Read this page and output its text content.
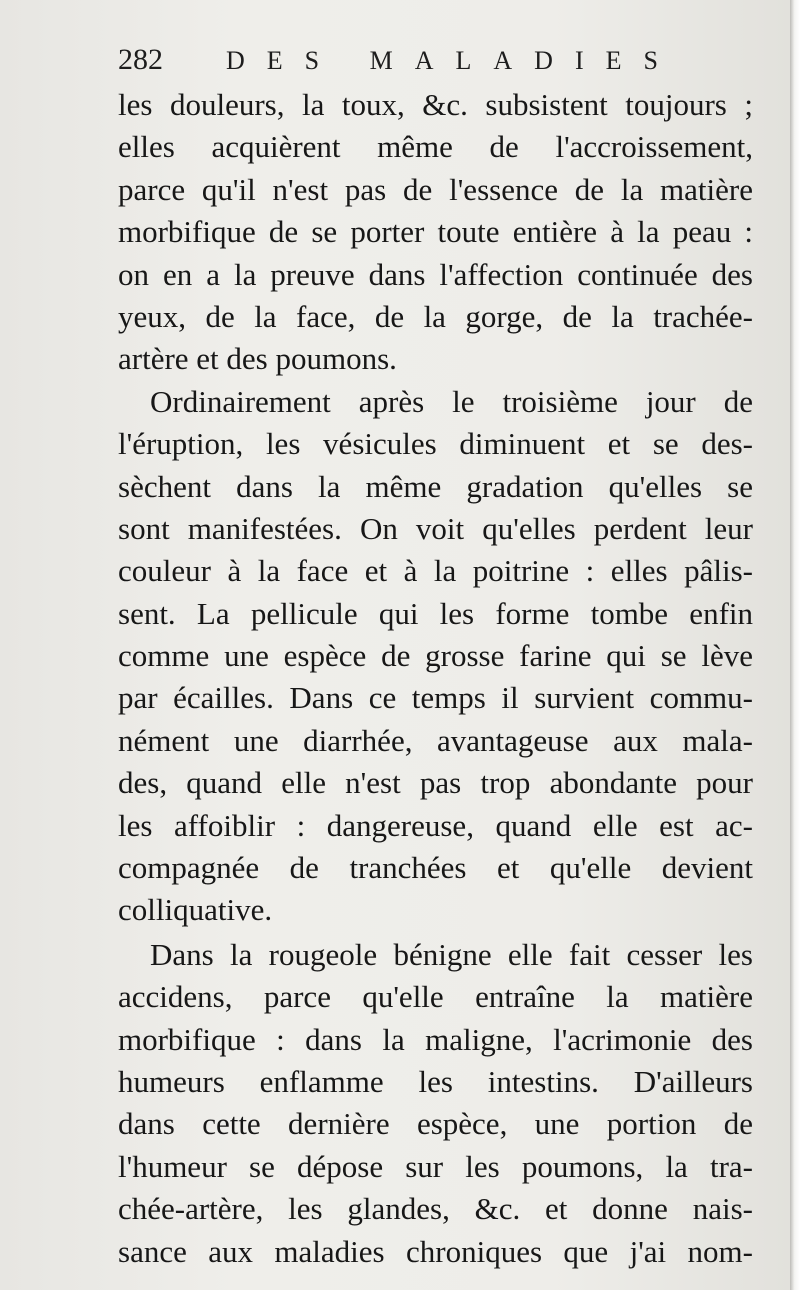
282 DES MALADIES
les douleurs, la toux, &c. subsistent toujours ;
elles acquièrent même de l'accroissement,
parce qu'il n'est pas de l'essence de la matière
morbifique de se porter toute entière à la peau :
on en a la preuve dans l'affection continuée des
yeux, de la face, de la gorge, de la trachée-
artère et des poumons.
Ordinairement après le troisième jour de
l'éruption, les vésicules diminuent et se des-
sèchent dans la même gradation qu'elles se
sont manifestées. On voit qu'elles perdent leur
couleur à la face et à la poitrine : elles pâlis-
sent. La pellicule qui les forme tombe enfin
comme une espèce de grosse farine qui se lève
par écailles. Dans ce temps il survient commu-
nément une diarrhée, avantageuse aux mala-
des, quand elle n'est pas trop abondante pour
les affoiblir : dangereuse, quand elle est ac-
compagnée de tranchées et qu'elle devient
colliquative.
Dans la rougeole bénigne elle fait cesser les
accidens, parce qu'elle entraîne la matière
morbifique : dans la maligne, l'acrimonie des
humeurs enflamme les intestins. D'ailleurs
dans cette dernière espèce, une portion de
l'humeur se dépose sur les poumons, la tra-
chée-artère, les glandes, &c. et donne nais-
sance aux maladies chroniques que j'ai nom-
